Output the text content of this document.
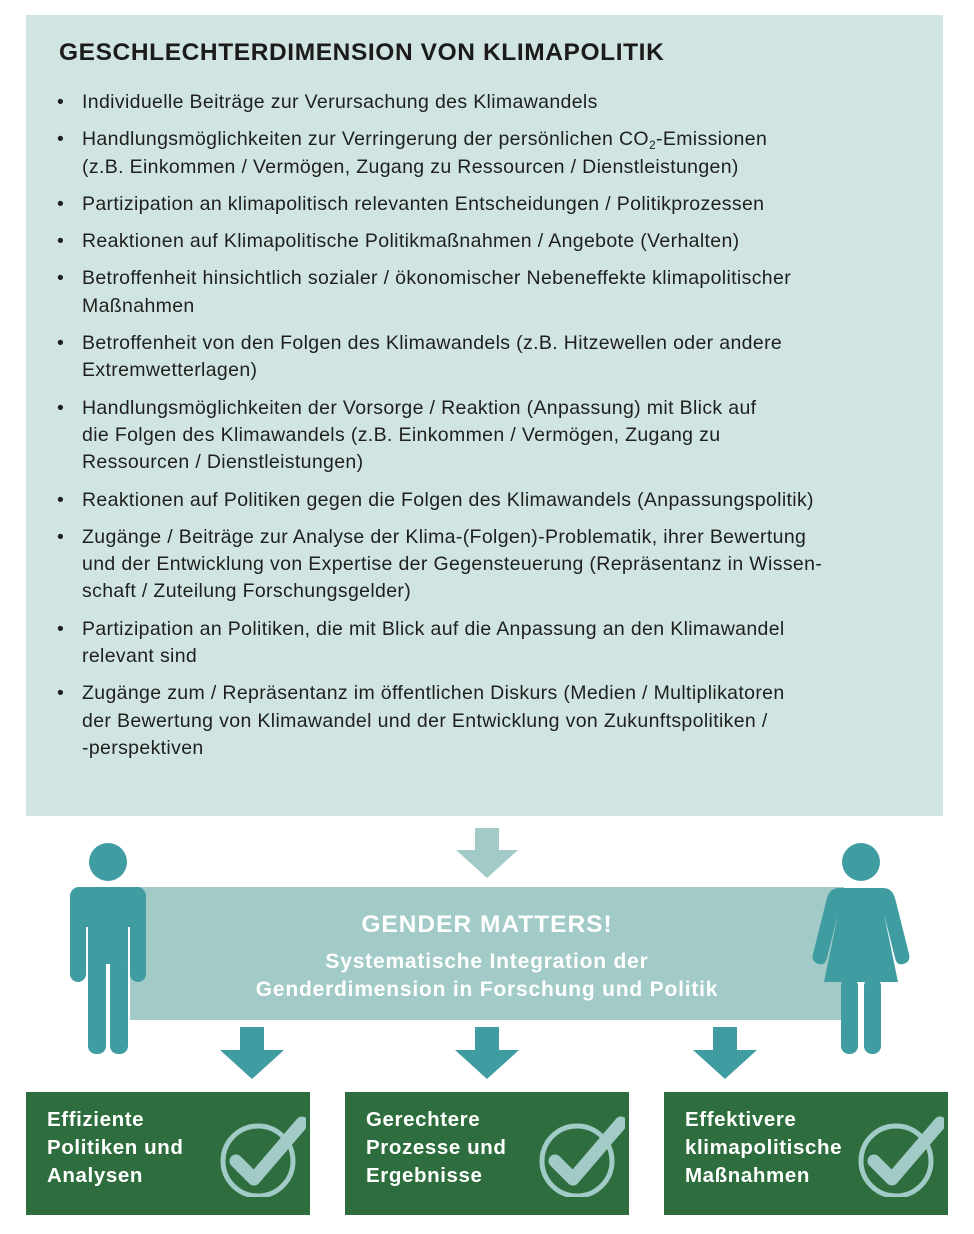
GESCHLECHTERDIMENSION VON KLIMAPOLITIK
• Individuelle Beiträge zur Verursachung des Klimawandels
• Handlungsmöglichkeiten zur Verringerung der persönlichen $CO_2$-Emissionen
(z.B. Einkommen / Vermögen, Zugang zu Ressourcen / Dienstleistungen)
• Partizipation an klimapolitisch relevanten Entscheidungen / Politikprozessen
• Reaktionen auf Klimapolitische Politikmaßnahmen / Angebote (Verhalten)
• Betroffenheit hinsichtlich sozialer / ökonomischer Nebeneffekte klimapolitischer
Maßnahmen
• Betroffenheit von den Folgen des Klimawandels (z.B. Hitzewellen oder andere
Extremwetterlagen)
• Handlungsmöglichkeiten der Vorsorge / Reaktion (Anpassung) mit Blick auf
die Folgen des Klimawandels (z.B. Einkommen / Vermögen, Zugang zu
Ressourcen / Dienstleistungen)
• Reaktionen auf Politiken gegen die Folgen des Klimawandels (Anpassungspolitik)
• Zugänge / Beiträge zur Analyse der Klima-(Folgen)-Problematik, ihrer Bewertung
und der Entwicklung von Expertise der Gegensteuerung (Repräsentanz in Wissen-
schaft / Zuteilung Forschungsgelder)
• Partizipation an Politiken, die mit Blick auf die Anpassung an den Klimawandel
relevant sind
• Zugänge zum / Repräsentanz im öffentlichen Diskurs (Medien / Multiplikatoren
der Bewertung von Klimawandel und der Entwicklung von Zukunftspolitiken /
-perspektiven
GENDER MATTERS!
Systematische Integration der
Genderdimension in Forschung und Politik

Effiziente
Politiken und
Analysen

Gerechtere
Prozesse und
Ergebnisse

Effektivere
klimapolitische
Maßnahmen
